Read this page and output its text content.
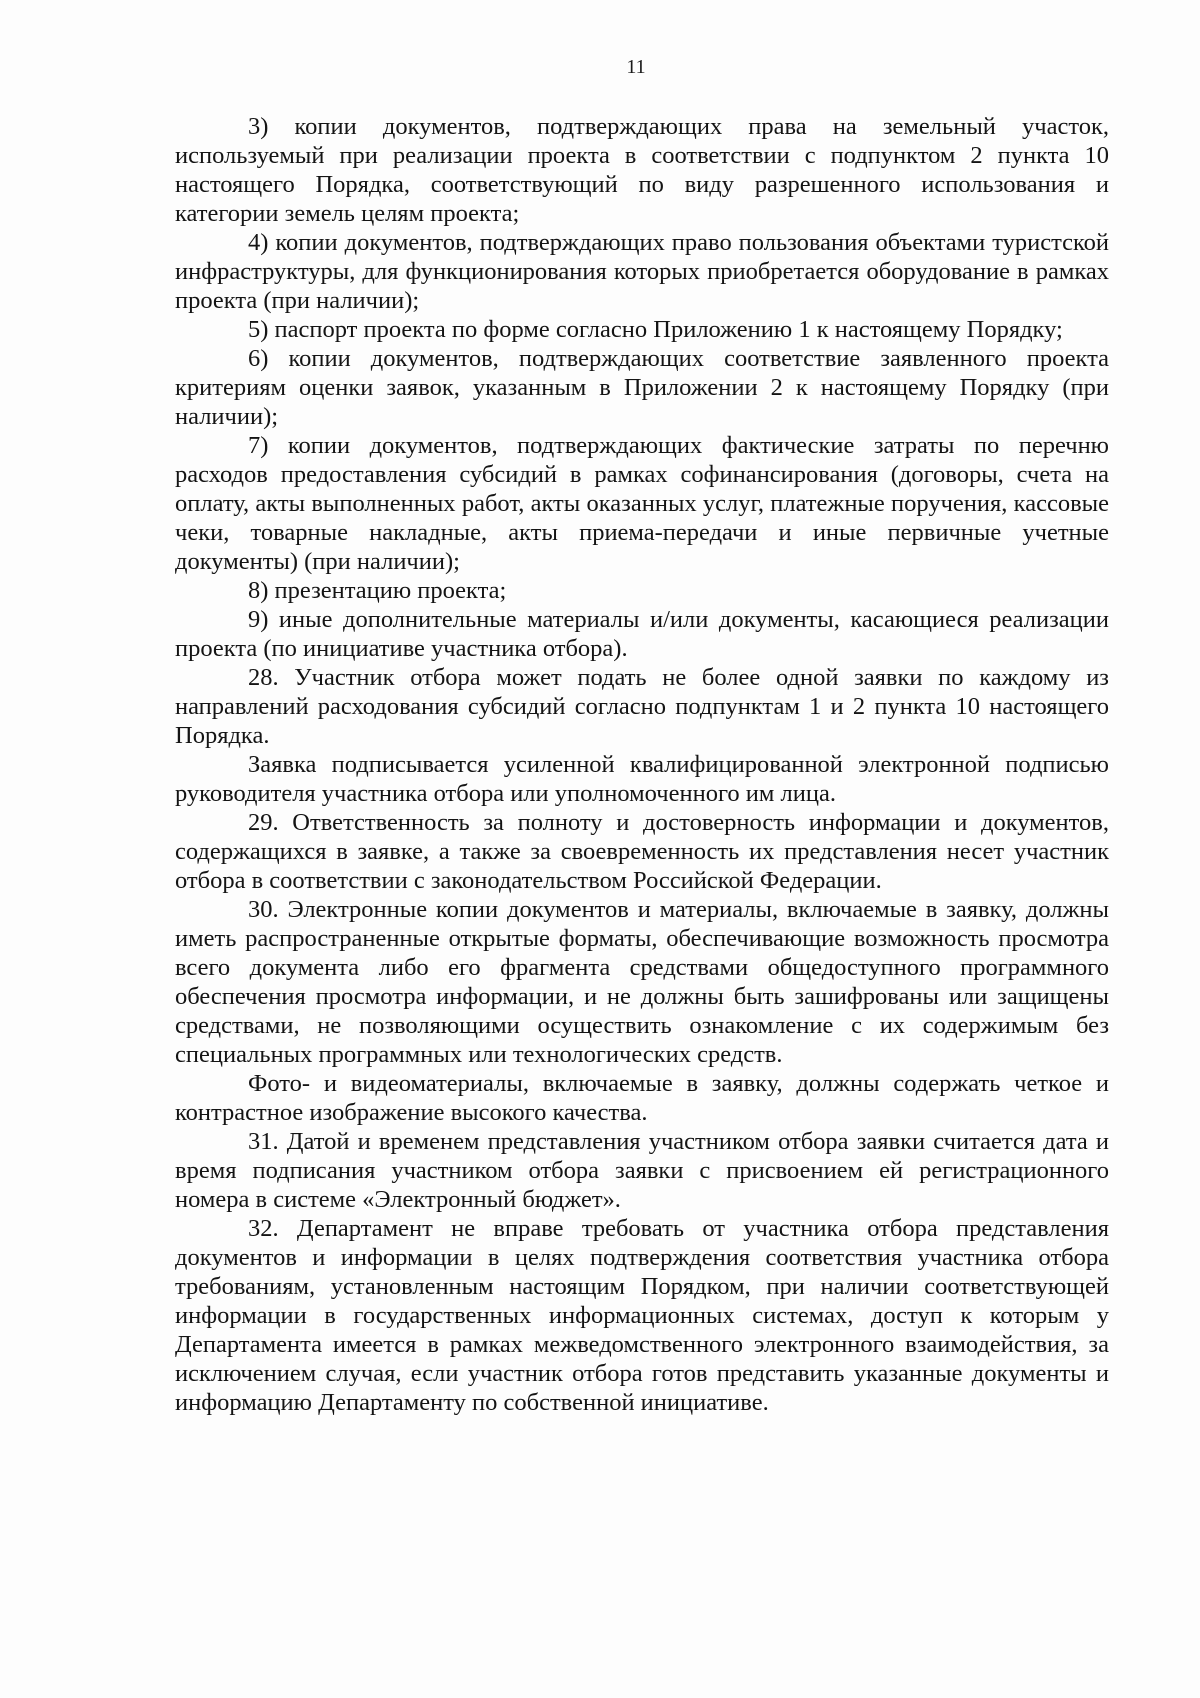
11

3) копии документов, подтверждающих права на земельный участок, используемый при реализации проекта в соответствии с подпунктом 2 пункта 10 настоящего Порядка, соответствующий по виду разрешенного использования и категории земель целям проекта;

4) копии документов, подтверждающих право пользования объектами туристской инфраструктуры, для функционирования которых приобретается оборудование в рамках проекта (при наличии);

5) паспорт проекта по форме согласно Приложению 1 к настоящему Порядку;

6) копии документов, подтверждающих соответствие заявленного проекта критериям оценки заявок, указанным в Приложении 2 к настоящему Порядку (при наличии);

7) копии документов, подтверждающих фактические затраты по перечню расходов предоставления субсидий в рамках софинансирования (договоры, счета на оплату, акты выполненных работ, акты оказанных услуг, платежные поручения, кассовые чеки, товарные накладные, акты приема-передачи и иные первичные учетные документы) (при наличии);

8) презентацию проекта;

9) иные дополнительные материалы и/или документы, касающиеся реализации проекта (по инициативе участника отбора).

28. Участник отбора может подать не более одной заявки по каждому из направлений расходования субсидий согласно подпунктам 1 и 2 пункта 10 настоящего Порядка.

Заявка подписывается усиленной квалифицированной электронной подписью руководителя участника отбора или уполномоченного им лица.

29. Ответственность за полноту и достоверность информации и документов, содержащихся в заявке, а также за своевременность их представления несет участник отбора в соответствии с законодательством Российской Федерации.

30. Электронные копии документов и материалы, включаемые в заявку, должны иметь распространенные открытые форматы, обеспечивающие возможность просмотра всего документа либо его фрагмента средствами общедоступного программного обеспечения просмотра информации, и не должны быть зашифрованы или защищены средствами, не позволяющими осуществить ознакомление с их содержимым без специальных программных или технологических средств.

Фото- и видеоматериалы, включаемые в заявку, должны содержать четкое и контрастное изображение высокого качества.

31. Датой и временем представления участником отбора заявки считается дата и время подписания участником отбора заявки с присвоением ей регистрационного номера в системе «Электронный бюджет».

32. Департамент не вправе требовать от участника отбора представления документов и информации в целях подтверждения соответствия участника отбора требованиям, установленным настоящим Порядком, при наличии соответствующей информации в государственных информационных системах, доступ к которым у Департамента имеется в рамках межведомственного электронного взаимодействия, за исключением случая, если участник отбора готов представить указанные документы и информацию Департаменту по собственной инициативе.
